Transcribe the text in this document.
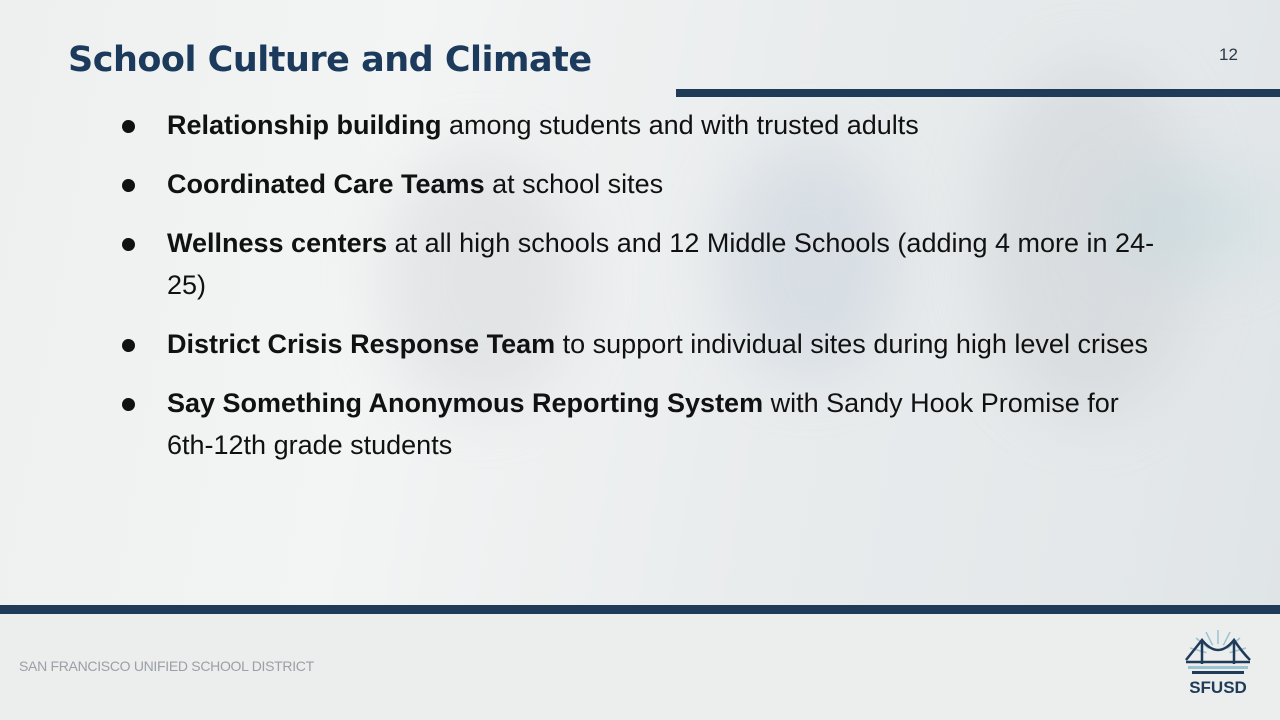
School Culture and Climate	12
Relationship building among students and with trusted adults
Coordinated Care Teams at school sites
Wellness centers at all high schools and 12 Middle Schools (adding 4 more in 24-25)
District Crisis Response Team to support individual sites during high level crises
Say Something Anonymous Reporting System with Sandy Hook Promise for 6th-12th grade students
SAN FRANCISCO UNIFIED SCHOOL DISTRICT
SFUSD
